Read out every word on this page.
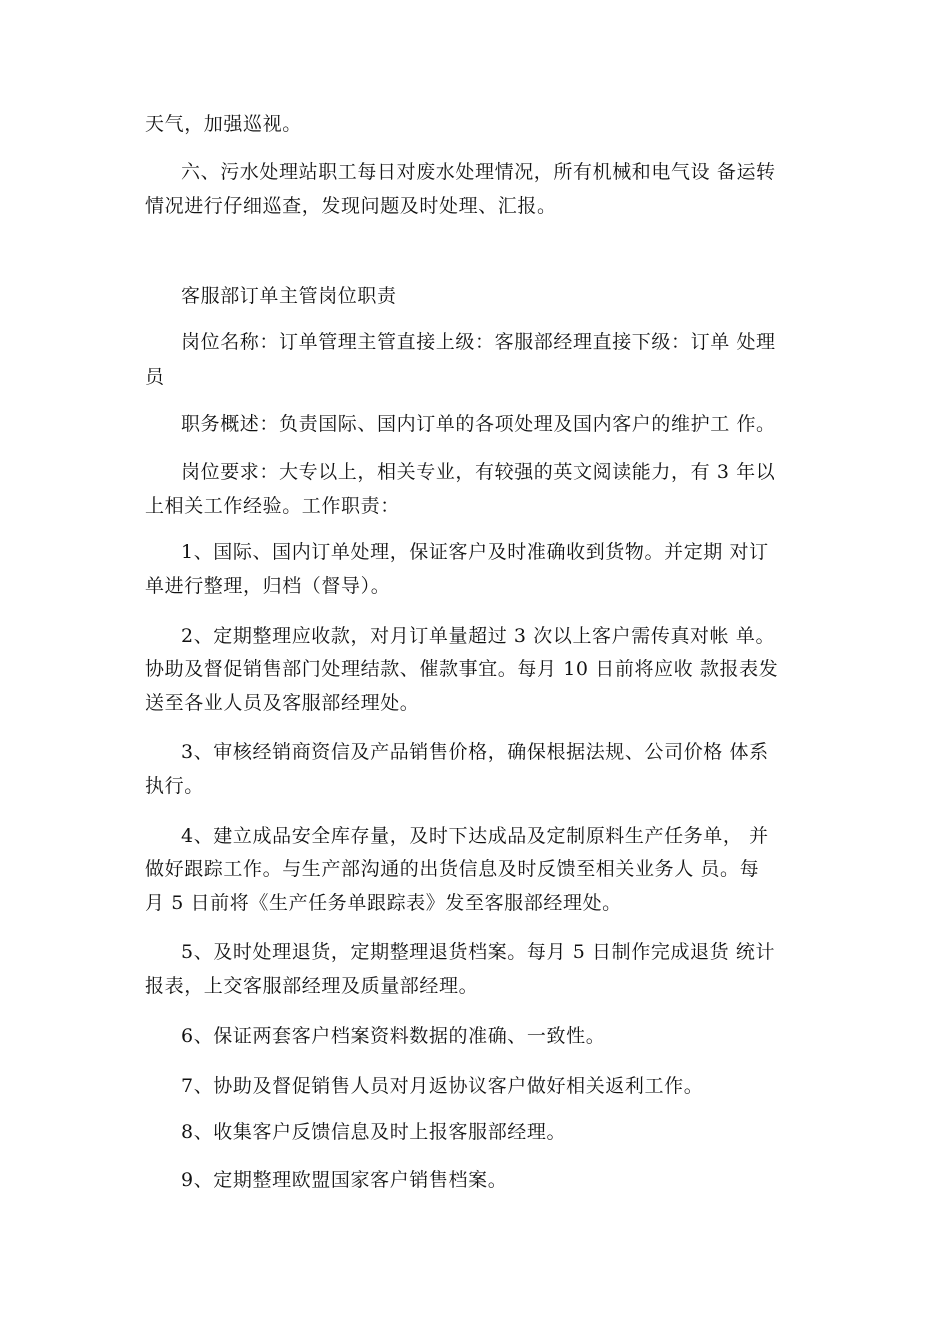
天气，加强巡视。
六、污水处理站职工每日对废水处理情况，所有机械和电气设 备运转
情况进行仔细巡查，发现问题及时处理、汇报。
客服部订单主管岗位职责
岗位名称：订单管理主管直接上级：客服部经理直接下级：订单 处理
员
职务概述：负责国际、国内订单的各项处理及国内客户的维护工 作。
岗位要求：大专以上，相关专业，有较强的英文阅读能力，有 3 年以
上相关工作经验。工作职责：
1、国际、国内订单处理，保证客户及时准确收到货物。并定期 对订
单进行整理，归档（督导）。
2、定期整理应收款，对月订单量超过 3 次以上客户需传真对帐 单。
协助及督促销售部门处理结款、催款事宜。每月 10 日前将应收 款报表发
送至各业人员及客服部经理处。
3、审核经销商资信及产品销售价格，确保根据法规、公司价格 体系
执行。
4、建立成品安全库存量，及时下达成品及定制原料生产任务单， 并
做好跟踪工作。与生产部沟通的出货信息及时反馈至相关业务人 员。每
月 5 日前将《生产任务单跟踪表》发至客服部经理处。
5、及时处理退货，定期整理退货档案。每月 5 日制作完成退货 统计
报表，上交客服部经理及质量部经理。
6、保证两套客户档案资料数据的准确、一致性。
7、协助及督促销售人员对月返协议客户做好相关返利工作。
8、收集客户反馈信息及时上报客服部经理。
9、定期整理欧盟国家客户销售档案。
